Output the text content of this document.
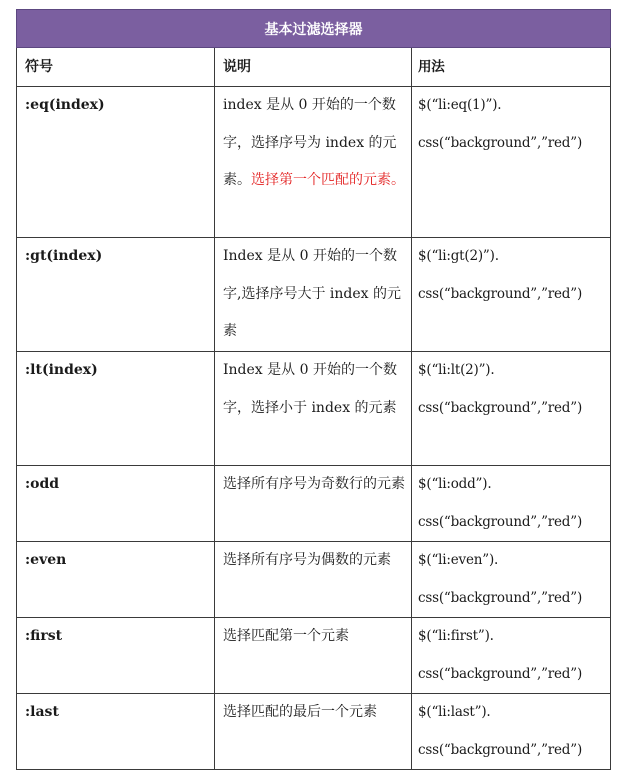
基本过滤选择器		
符号	说明	用法
:eq(index)	index 是从 0 开始的一个数字，选择序号为 index 的元素。选择第一个匹配的元素。	$(“li:eq(1)”).
css(“background”,”red”)

:gt(index)	Index 是从 0 开始的一个数字,选择序号大于 index 的元素	$(“li:gt(2)”).
css(“background”,”red”)

:lt(index)	Index 是从 0 开始的一个数字，选择小于 index 的元素	$(“li:lt(2)”).
css(“background”,”red”)

:odd	选择所有序号为奇数行的元素	$(“li:odd”).
css(“background”,”red”)

:even	选择所有序号为偶数的元素	$(“li:even”).
css(“background”,”red”)

:first	选择匹配第一个元素	$(“li:first”).
css(“background”,”red”)

:last	选择匹配的最后一个元素	$(“li:last”).
css(“background”,”red”)
